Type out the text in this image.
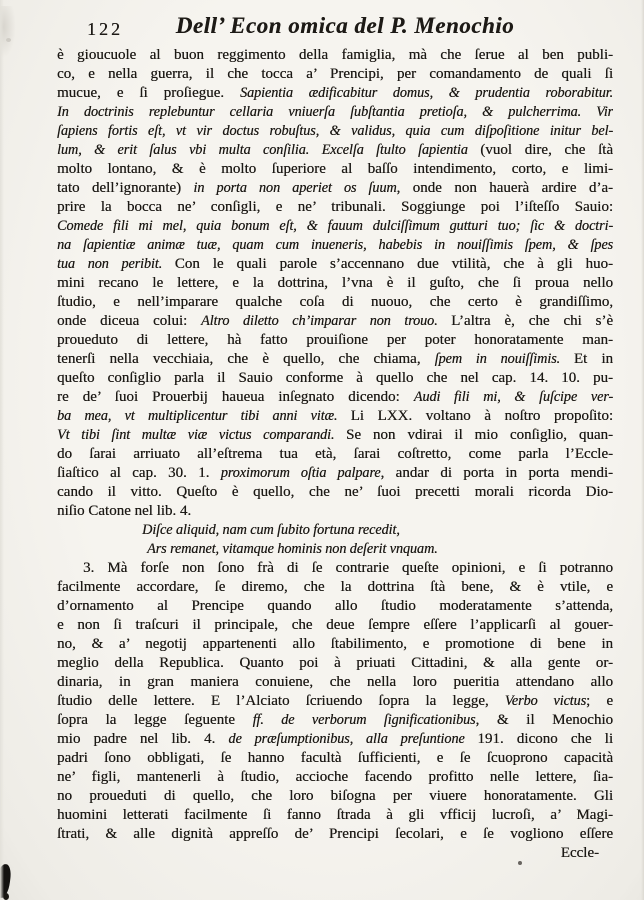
122	Dell’ Econ omica del P. Menochio
è gioucuole al buon reggimento della famiglia, mà che ſerue al ben publi-
co, e nella guerra, il che tocca a’ Prencipi, per comandamento de quali ſi
mucue, e ſi proſiegue. Sapientia ædificabitur domus, & prudentia roborabitur.
In doctrinis replebuntur cellaria vniuerſa ſubſtantia pretioſa, & pulcherrima. Vir
ſapiens fortis eſt, vt vir doctus robuſtus, & validus, quia cum diſpoſitione initur bel-
lum, & erit ſalus vbi multa conſilia. Excelſa ſtulto ſapientia (vuol dire, che ſtà
molto lontano, & è molto ſuperiore al baſſo intendimento, corto, e limi-
tato dell’ignorante) in porta non aperiet os ſuum, onde non hauerà ardire d’a-
prire la bocca ne’ conſigli, e ne’ tribunali. Soggiunge poi l’iſteſſo Sauio:
Comede fili mi mel, quia bonum eſt, & fauum dulciſſimum gutturi tuo; ſic & doctri-
na ſapientiæ animæ tuæ, quam cum inueneris, habebis in nouiſſimis ſpem, & ſpes
tua non peribit. Con le quali parole s’accennano due vtilità, che à gli huo-
mini recano le lettere, e la dottrina, l’vna è il guſto, che ſi proua nello
ſtudio, e nell’imparare qualche coſa di nuouo, che certo è grandiſſimo,
onde diceua colui: Altro diletto ch’imparar non trouo. L’altra è, che chi s’è
proueduto di lettere, hà fatto prouiſione per poter honoratamente man-
tenerſi nella vecchiaia, che è quello, che chiama, ſpem in nouiſſimis. Et in
queſto conſiglio parla il Sauio conforme à quello che nel cap. 14. 10. pu-
re de’ ſuoi Prouerbij haueua inſegnato dicendo: Audi fili mi, & ſuſcipe ver-
ba mea, vt multiplicentur tibi anni vitæ. Li LXX. voltano à noſtro propoſito:
Vt tibi ſint multæ viæ victus comparandi. Se non vdirai il mio conſiglio, quan-
do ſarai arriuato all’eſtrema tua età, ſarai coſtretto, come parla l’Eccle-
ſiaſtico al cap. 30. 1. proximorum oſtia palpare, andar di porta in porta mendi-
cando il vitto. Queſto è quello, che ne’ ſuoi precetti morali ricorda Dio-
niſio Catone nel lib. 4.
Diſce aliquid, nam cum ſubito fortuna recedit,
Ars remanet, vitamque hominis non deſerit vnquam.
3. Mà forſe non ſono frà di ſe contrarie queſte opinioni, e ſi potranno
facilmente accordare, ſe diremo, che la dottrina ſtà bene, & è vtile, e
d’ornamento al Prencipe quando allo ſtudio moderatamente s’attenda,
e non ſi traſcuri il principale, che deue ſempre eſſere l’applicarſi al gouer-
no, & a’ negotij appartenenti allo ſtabilimento, e promotione di bene in
meglio della Republica. Quanto poi à priuati Cittadini, & alla gente or-
dinaria, in gran maniera conuiene, che nella loro pueritia attendano allo
ſtudio delle lettere. E l’Alciato ſcriuendo ſopra la legge, Verbo victus; e
ſopra la legge ſeguente ff. de verborum ſignificationibus, & il Menochio
mio padre nel lib. 4. de præſumptionibus, alla preſuntione 191. dicono che li
padri ſono obbligati, ſe hanno facultà ſufficienti, e ſe ſcuoprono capacità
ne’ figli, mantenerli à ſtudio, accioche facendo profitto nelle lettere, ſia-
no proueduti di quello, che loro biſogna per viuere honoratamente. Gli
huomini letterati facilmente ſi fanno ſtrada à gli vfficij lucroſi, a’ Magi-
ſtrati, & alle dignità appreſſo de’ Prencipi ſecolari, e ſe vogliono eſſere
Eccle-
